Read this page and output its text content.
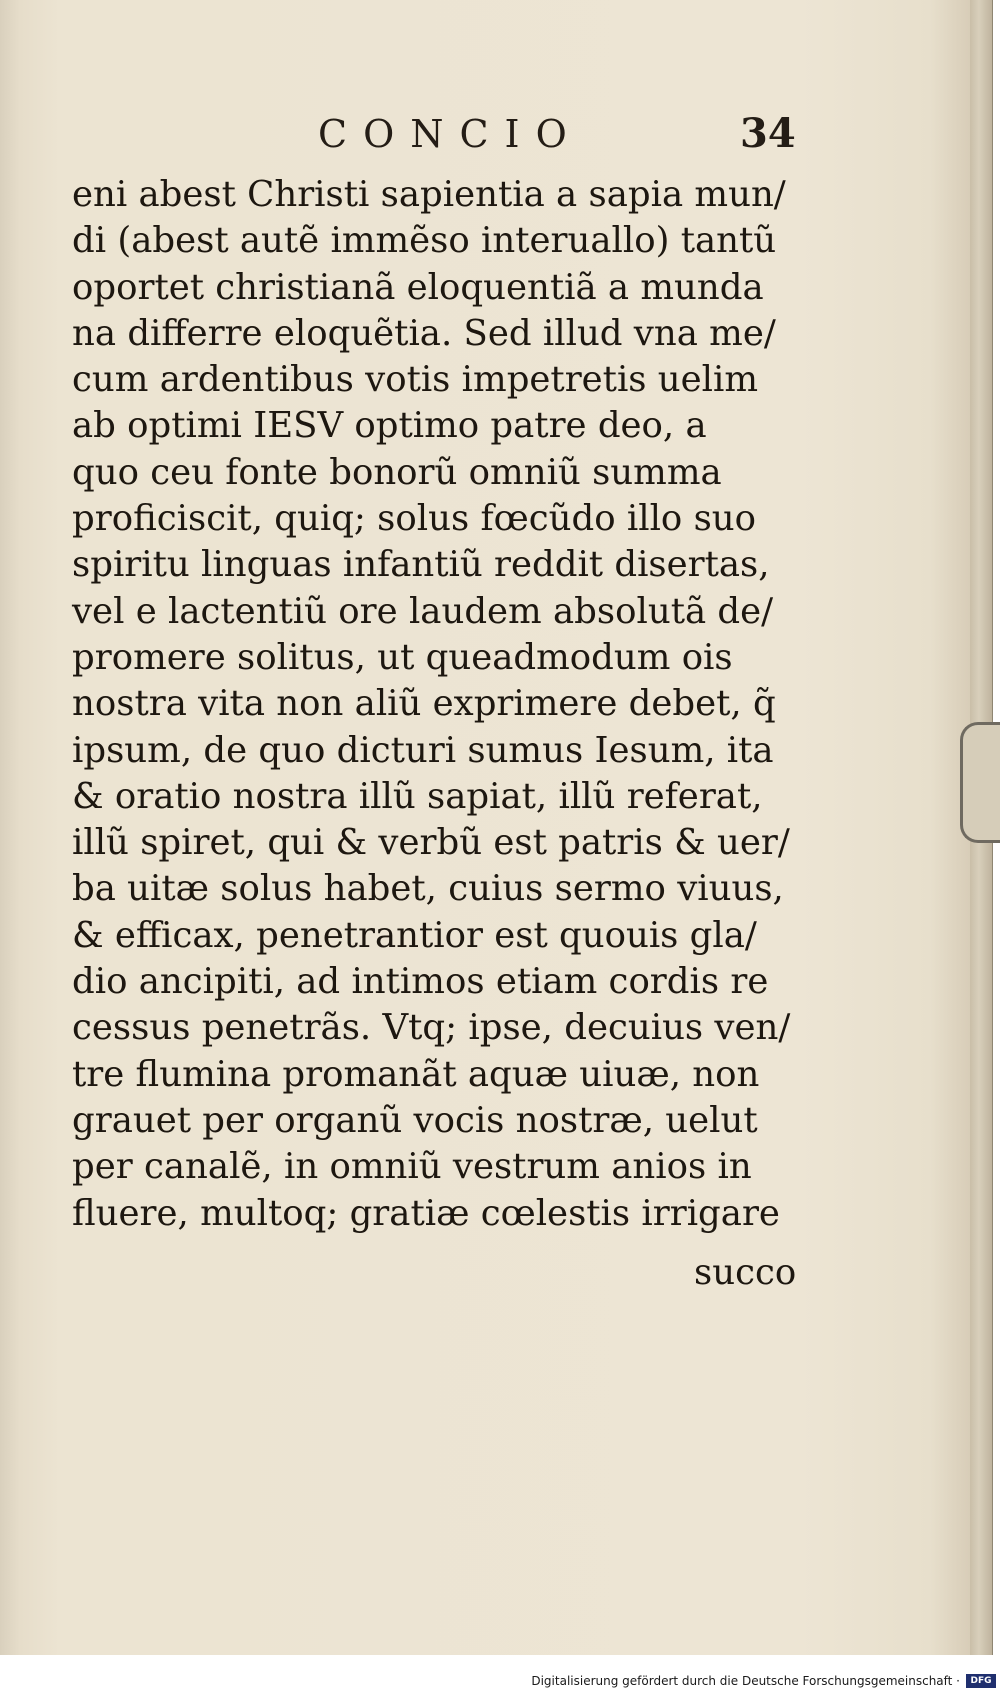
CONCIO	34
eni abest Christi sapientia a sapia mun/
di (abest autẽ immẽso interuallo) tantũ
oportet christianã eloquentiã a munda
na differre eloquẽtia. Sed illud vna me/
cum ardentibus votis impetretis uelim
ab optimi IESV optimo patre deo, a
quo ceu fonte bonorũ omniũ summa
proficiscit, quiq; solus fœcũdo illo suo
spiritu linguas infantiũ reddit disertas,
vel e lactentiũ ore laudem absolutã de/
promere solitus, ut queadmodum ois
nostra vita non aliũ exprimere debet, q̃
ipsum, de quo dicturi sumus Iesum, ita
& oratio nostra illũ sapiat, illũ referat,
illũ spiret, qui & verbũ est patris & uer/
ba uitæ solus habet, cuius sermo viuus,
& efficax, penetrantior est quouis gla/
dio ancipiti, ad intimos etiam cordis re
cessus penetrãs. Vtq; ipse, decuius ven/
tre flumina promanãt aquæ uiuæ, non
grauet per organũ vocis nostræ, uelut
per canalẽ, in omniũ vestrum anios in
fluere, multoq; gratiæ cœlestis irrigare
succo
Digitalisierung gefördert durch die Deutsche Forschungsgemeinschaft ·	DFG
